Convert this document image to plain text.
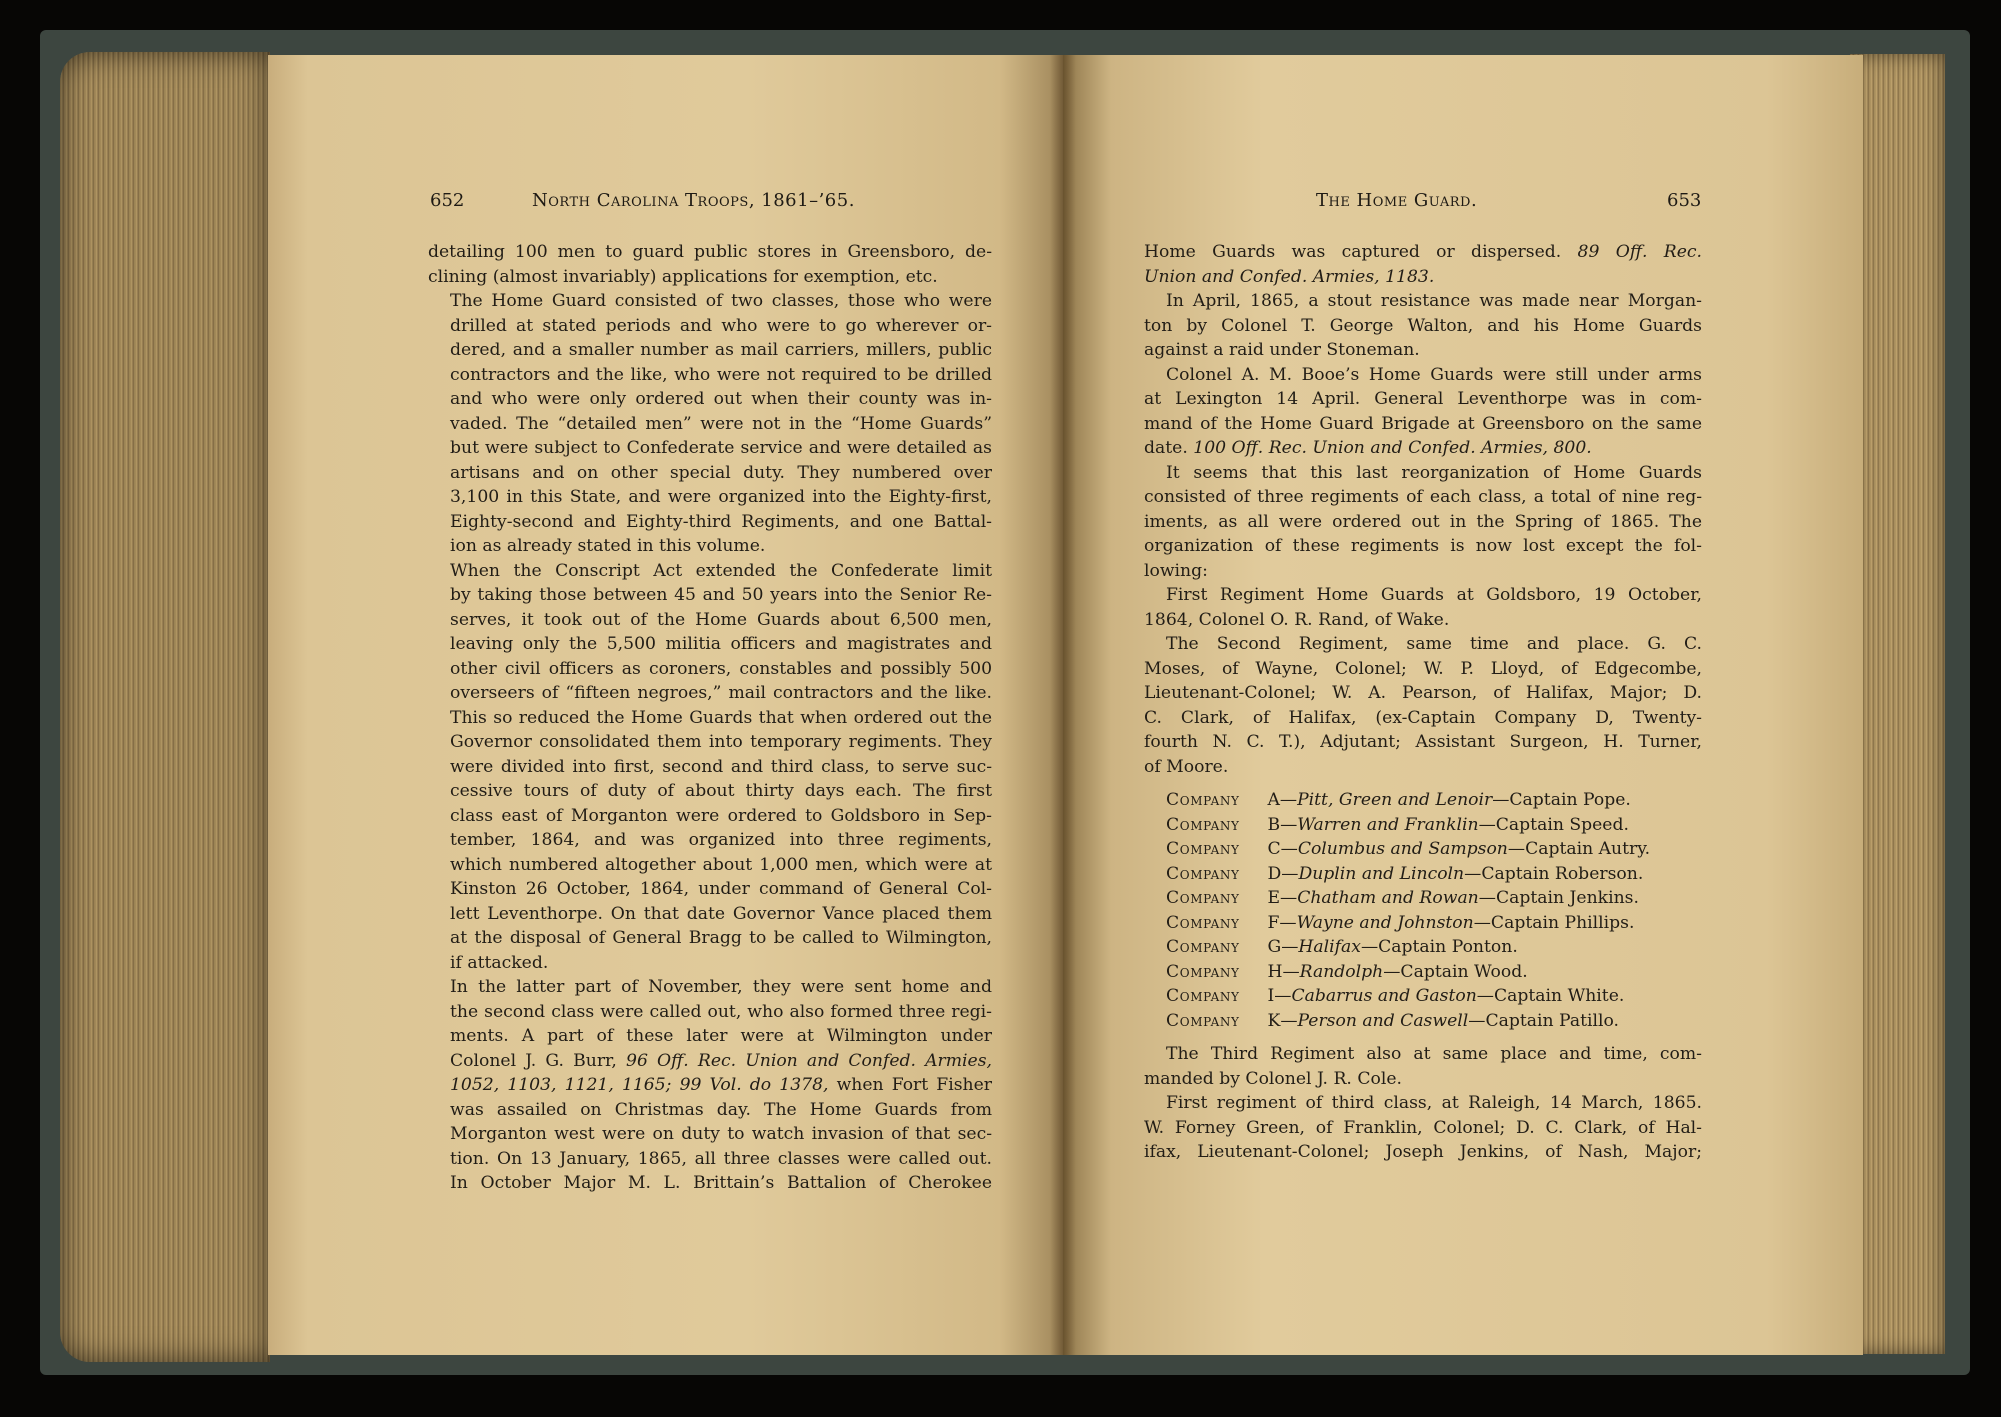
652	North Carolina Troops, 1861–’65.

detailing 100 men to guard public stores in Greensboro, de-
clining (almost invariably) applications for exemption, etc.

The Home Guard consisted of two classes, those who were
drilled at stated periods and who were to go wherever or-
dered, and a smaller number as mail carriers, millers, public
contractors and the like, who were not required to be drilled
and who were only ordered out when their county was in-
vaded. The “detailed men” were not in the “Home Guards”
but were subject to Confederate service and were detailed as
artisans and on other special duty. They numbered over
3,100 in this State, and were organized into the Eighty-first,
Eighty-second and Eighty-third Regiments, and one Battal-
ion as already stated in this volume.

When the Conscript Act extended the Confederate limit
by taking those between 45 and 50 years into the Senior Re-
serves, it took out of the Home Guards about 6,500 men,
leaving only the 5,500 militia officers and magistrates and
other civil officers as coroners, constables and possibly 500
overseers of “fifteen negroes,” mail contractors and the like.
This so reduced the Home Guards that when ordered out the
Governor consolidated them into temporary regiments. They
were divided into first, second and third class, to serve suc-
cessive tours of duty of about thirty days each. The first
class east of Morganton were ordered to Goldsboro in Sep-
tember, 1864, and was organized into three regiments,
which numbered altogether about 1,000 men, which were at
Kinston 26 October, 1864, under command of General Col-
lett Leventhorpe. On that date Governor Vance placed them
at the disposal of General Bragg to be called to Wilmington,
if attacked.

In the latter part of November, they were sent home and
the second class were called out, who also formed three regi-
ments. A part of these later were at Wilmington under
Colonel J. G. Burr, 96 Off. Rec. Union and Confed. Armies,
1052, 1103, 1121, 1165; 99 Vol. do 1378, when Fort Fisher
was assailed on Christmas day. The Home Guards from
Morganton west were on duty to watch invasion of that sec-
tion. On 13 January, 1865, all three classes were called out.
In October Major M. L. Brittain’s Battalion of Cherokee

The Home Guard.	653

Home Guards was captured or dispersed. 89 Off. Rec.
Union and Confed. Armies, 1183.

In April, 1865, a stout resistance was made near Morgan-
ton by Colonel T. George Walton, and his Home Guards
against a raid under Stoneman.

Colonel A. M. Booe’s Home Guards were still under arms
at Lexington 14 April. General Leventhorpe was in com-
mand of the Home Guard Brigade at Greensboro on the same
date. 100 Off. Rec. Union and Confed. Armies, 800.

It seems that this last reorganization of Home Guards
consisted of three regiments of each class, a total of nine reg-
iments, as all were ordered out in the Spring of 1865. The
organization of these regiments is now lost except the fol-
lowing:

First Regiment Home Guards at Goldsboro, 19 October,
1864, Colonel O. R. Rand, of Wake.

The Second Regiment, same time and place. G. C.
Moses, of Wayne, Colonel; W. P. Lloyd, of Edgecombe,
Lieutenant-Colonel; W. A. Pearson, of Halifax, Major; D.
C. Clark, of Halifax, (ex-Captain Company D, Twenty-
fourth N. C. T.), Adjutant; Assistant Surgeon, H. Turner,
of Moore.

Company A—Pitt, Green and Lenoir—Captain Pope.
Company B—Warren and Franklin—Captain Speed.
Company C—Columbus and Sampson—Captain Autry.
Company D—Duplin and Lincoln—Captain Roberson.
Company E—Chatham and Rowan—Captain Jenkins.
Company F—Wayne and Johnston—Captain Phillips.
Company G—Halifax—Captain Ponton.
Company H—Randolph—Captain Wood.
Company I—Cabarrus and Gaston—Captain White.
Company K—Person and Caswell—Captain Patillo.

The Third Regiment also at same place and time, com-
manded by Colonel J. R. Cole.

First regiment of third class, at Raleigh, 14 March, 1865.
W. Forney Green, of Franklin, Colonel; D. C. Clark, of Hal-
ifax, Lieutenant-Colonel; Joseph Jenkins, of Nash, Major;
